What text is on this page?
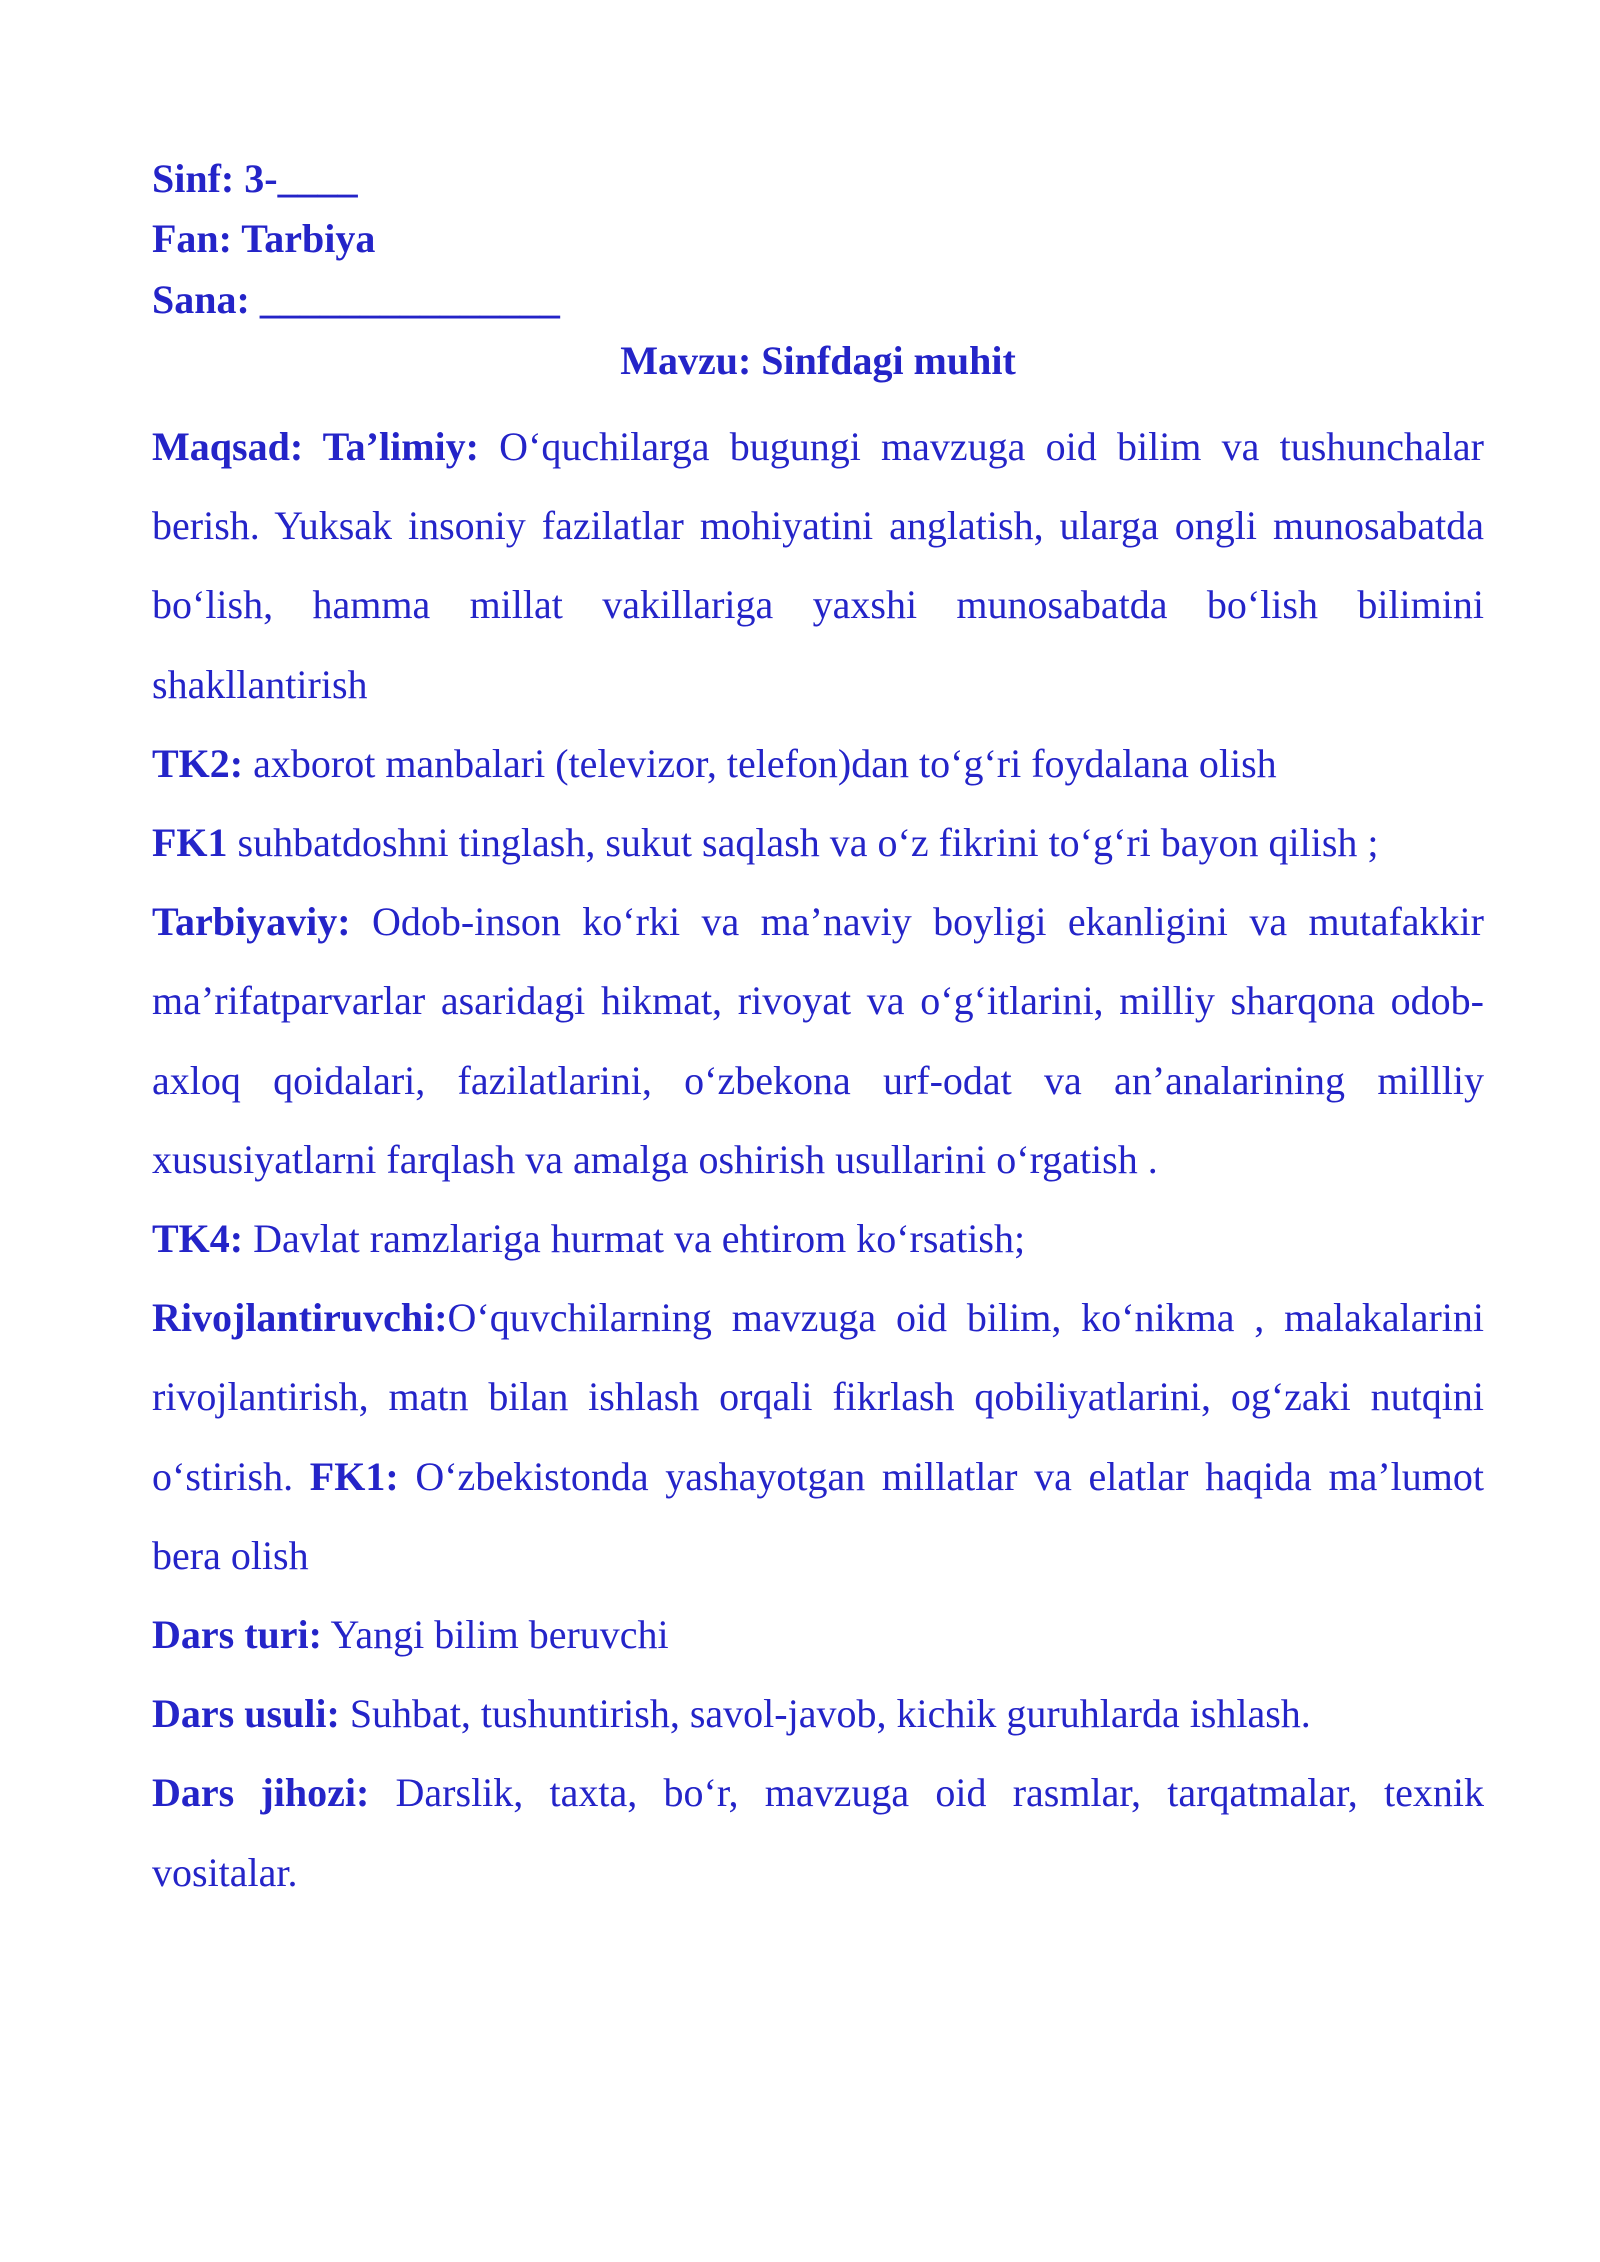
Sinf: 3-____
Fan: Tarbiya
Sana: _______________
Mavzu: Sinfdagi muhit

Maqsad: Ta’limiy: O‘quchilarga bugungi mavzuga oid bilim va tushunchalar berish. Yuksak insoniy fazilatlar mohiyatini anglatish, ularga ongli munosabatda bo‘lish, hamma millat vakillariga yaxshi munosabatda bo‘lish bilimini shakllantirish

TK2: axborot manbalari (televizor, telefon)dan to‘g‘ri foydalana olish

FK1 suhbatdoshni tinglash, sukut saqlash va o‘z fikrini to‘g‘ri bayon qilish ;

Tarbiyaviy: Odob-inson ko‘rki va ma’naviy boyligi ekanligini va mutafakkir ma’rifatparvarlar asaridagi hikmat, rivoyat va o‘g‘itlarini, milliy sharqona odob-axloq qoidalari, fazilatlarini, o‘zbekona urf-odat va an’analarining millliy xususiyatlarni farqlash va amalga oshirish usullarini o‘rgatish .

TK4: Davlat ramzlariga hurmat va ehtirom ko‘rsatish;

Rivojlantiruvchi:O‘quvchilarning mavzuga oid bilim, ko‘nikma , malakalarini rivojlantirish, matn bilan ishlash orqali fikrlash qobiliyatlarini, og‘zaki nutqini o‘stirish. FK1: O‘zbekistonda yashayotgan millatlar va elatlar haqida ma’lumot bera olish

Dars turi: Yangi bilim beruvchi

Dars usuli: Suhbat, tushuntirish, savol-javob, kichik guruhlarda ishlash.

Dars jihozi: Darslik, taxta, bo‘r, mavzuga oid rasmlar, tarqatmalar, texnik vositalar.
